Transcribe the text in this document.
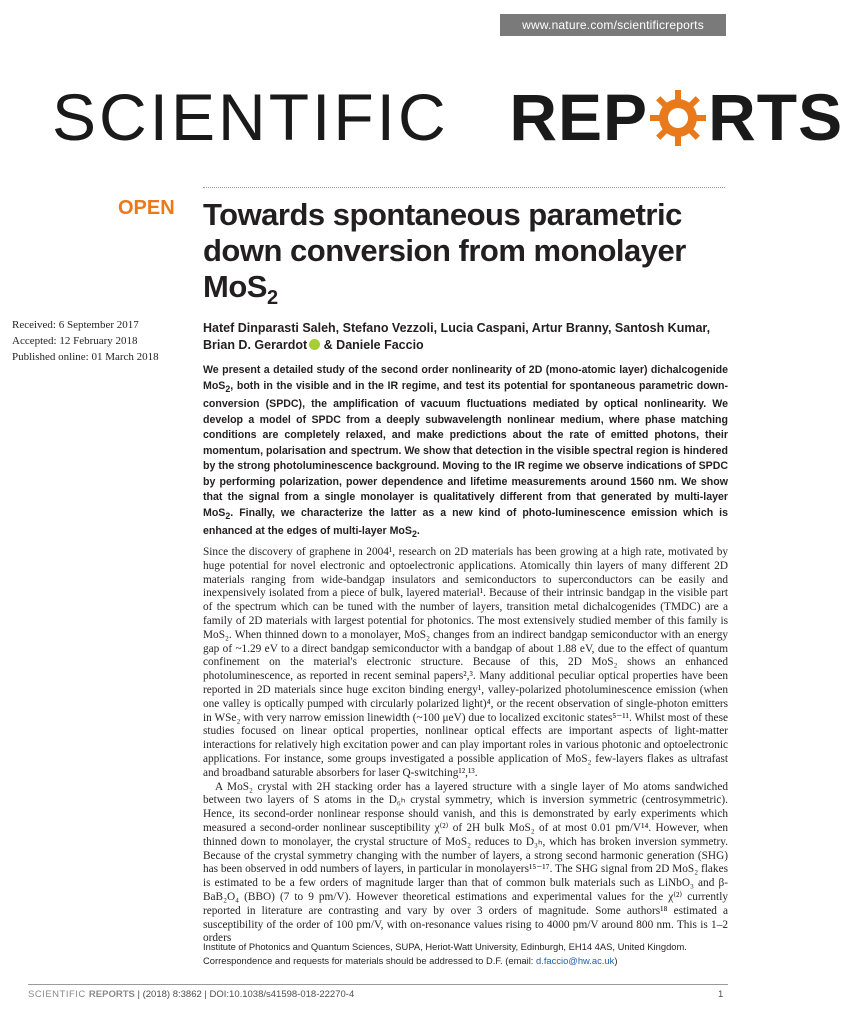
www.nature.com/scientificreports
SCIENTIFIC REP RTS
OPEN Towards spontaneous parametric
down conversion from monolayer
MoS$_2$
Received: 6 September 2017
Accepted: 12 February 2018
Published online: 01 March 2018
Hatef Dinparasti Saleh, Stefano Vezzoli, Lucia Caspani, Artur Branny, Santosh Kumar,
Brian D. Gerardot & Daniele Faccio
We present a detailed study of the second order nonlinearity of 2D (mono-atomic layer) dichalcogenide MoS$_2$, both in the visible and in the IR regime, and test its potential for spontaneous parametric down-conversion (SPDC), the amplification of vacuum fluctuations mediated by optical nonlinearity. We develop a model of SPDC from a deeply subwavelength nonlinear medium, where phase matching conditions are completely relaxed, and make predictions about the rate of emitted photons, their momentum, polarisation and spectrum. We show that detection in the visible spectral region is hindered by the strong photoluminescence background. Moving to the IR regime we observe indications of SPDC by performing polarization, power dependence and lifetime measurements around 1560 nm. We show that the signal from a single monolayer is qualitatively different from that generated by multi-layer MoS$_2$. Finally, we characterize the latter as a new kind of photo-luminescence emission which is enhanced at the edges of multi-layer MoS$_2$.

Since the discovery of graphene in 2004¹, research on 2D materials has been growing at a high rate, motivated by huge potential for novel electronic and optoelectronic applications. Atomically thin layers of many different 2D materials ranging from wide-bandgap insulators and semiconductors to superconductors can be easily and inexpensively isolated from a piece of bulk, layered material¹. Because of their intrinsic bandgap in the visible part of the spectrum which can be tuned with the number of layers, transition metal dichalcogenides (TMDC) are a family of 2D materials with largest potential for photonics. The most extensively studied member of this family is MoS₂. When thinned down to a monolayer, MoS₂ changes from an indirect bandgap semiconductor with an energy gap of ~1.29 eV to a direct bandgap semiconductor with a bandgap of about 1.88 eV, due to the effect of quantum confinement on the material's electronic structure. Because of this, 2D MoS₂ shows an enhanced photoluminescence, as reported in recent seminal papers²,³. Many additional peculiar optical properties have been reported in 2D materials since huge exciton binding energy¹, valley-polarized photoluminescence emission (when one valley is optically pumped with circularly polarized light)⁴, or the recent observation of single-photon emitters in WSe₂ with very narrow emission linewidth (~100 μeV) due to localized excitonic states⁵⁻¹¹. Whilst most of these studies focused on linear optical properties, nonlinear optical effects are important aspects of light-matter interactions for relatively high excitation power and can play important roles in various photonic and optoelectronic applications. For instance, some groups investigated a possible application of MoS₂ few-layers flakes as ultrafast and broadband saturable absorbers for laser Q-switching¹²,¹³.

A MoS₂ crystal with 2H stacking order has a layered structure with a single layer of Mo atoms sandwiched between two layers of S atoms in the D₆ₕ crystal symmetry, which is inversion symmetric (centrosymmetric). Hence, its second-order nonlinear response should vanish, and this is demonstrated by early experiments which measured a second-order nonlinear susceptibility χ⁽²⁾ of 2H bulk MoS₂ of at most 0.01 pm/V¹⁴. However, when thinned down to monolayer, the crystal structure of MoS₂ reduces to D₃ₕ, which has broken inversion symmetry. Because of the crystal symmetry changing with the number of layers, a strong second harmonic generation (SHG) has been observed in odd numbers of layers, in particular in monolayers¹⁵⁻¹⁷. The SHG signal from 2D MoS₂ flakes is estimated to be a few orders of magnitude larger than that of common bulk materials such as LiNbO₃ and β-BaB₂O₄ (BBO) (7 to 9 pm/V). However theoretical estimations and experimental values for the χ⁽²⁾ currently reported in literature are contrasting and vary by over 3 orders of magnitude. Some authors¹⁸ estimated a susceptibility of the order of 100 pm/V, with on-resonance values rising to 4000 pm/V around 800 nm. This is 1–2 orders

Institute of Photonics and Quantum Sciences, SUPA, Heriot-Watt University, Edinburgh, EH14 4AS, United Kingdom.
Correspondence and requests for materials should be addressed to D.F. (email: d.faccio@hw.ac.uk)
SCIENTIFIC REPORTS | (2018) 8:3862 | DOI:10.1038/s41598-018-22270-4	1
